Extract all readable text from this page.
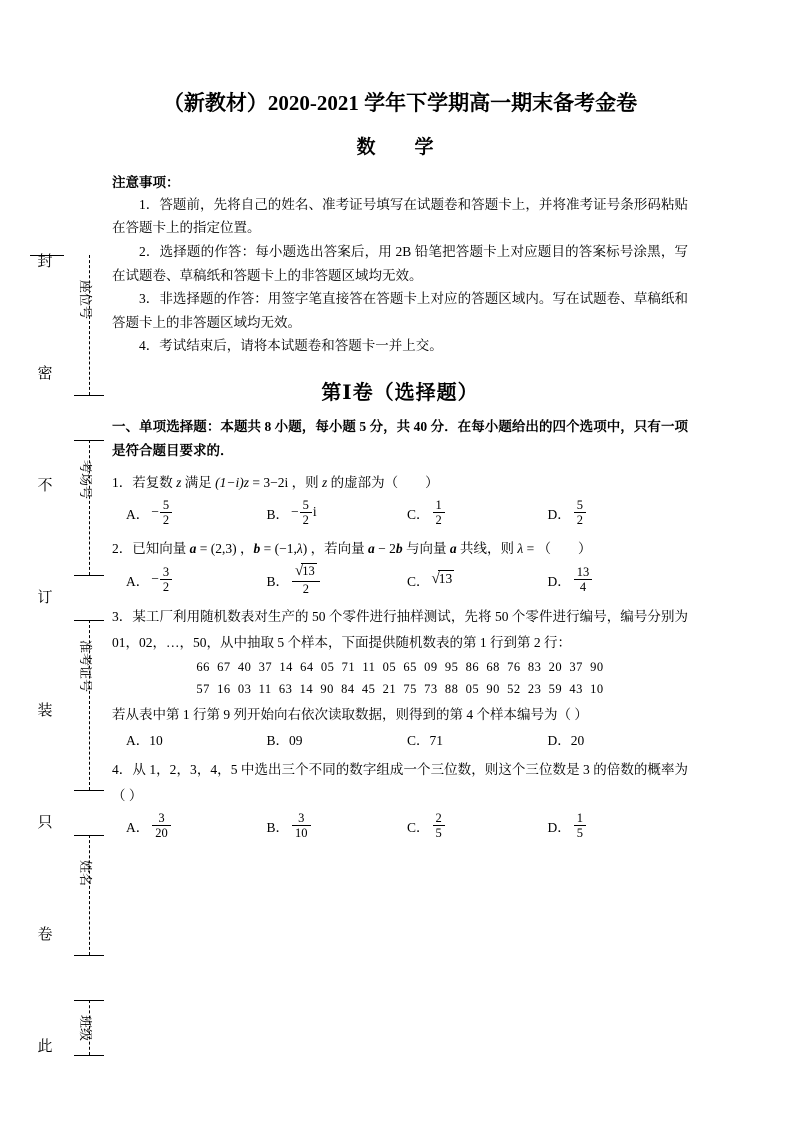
封
密
不
订
装
只
卷
此
座位号
考场号
准考证号
姓名
班级
（新教材）2020-2021 学年下学期高一期末备考金卷
数　学
注意事项：
1．答题前，先将自己的姓名、准考证号填写在试题卷和答题卡上，并将准考证号条形码粘贴在答题卡上的指定位置。
2．选择题的作答：每小题选出答案后，用 2B 铅笔把答题卡上对应题目的答案标号涂黑，写在试题卷、草稿纸和答题卡上的非答题区域均无效。
3．非选择题的作答：用签字笔直接答在答题卡上对应的答题区域内。写在试题卷、草稿纸和答题卡上的非答题区域均无效。
4．考试结束后，请将本试题卷和答题卡一并上交。
第Ⅰ卷（选择题）
一、单项选择题：本题共 8 小题，每小题 5 分，共 40 分．在每小题给出的四个选项中，只有一项是符合题目要求的．
1．若复数 z 满足 (1−i)z = 3−2i ，则 z 的虚部为（　　）
A． − $\frac{5}{2}$	B． − $\frac{5}{2}$ i	C． $\frac{1}{2}$	D． $\frac{5}{2}$
2．已知向量 a = (2,3) ，b = (−1,λ) ，若向量 a − 2b 与向量 a 共线，则 λ = （　　）
A． − $\frac{3}{2}$	B． $\frac{√13}{2}$	C． √13	D． $\frac{13}{4}$
3．某工厂利用随机数表对生产的 50 个零件进行抽样测试，先将 50 个零件进行编号，编号分别为 01，02，…，50，从中抽取 5 个样本，下面提供随机数表的第 1 行到第 2 行：
66  67  40  37  14  64  05  71  11  05  65  09  95  86  68  76  83  20  37  90
57  16  03  11  63  14  90  84  45  21  75  73  88  05  90  52  23  59  43  10
若从表中第 1 行第 9 列开始向右依次读取数据，则得到的第 4 个样本编号为（ ）
A．10	B．09	C．71	D．20
4．从 1，2，3，4，5 中选出三个不同的数字组成一个三位数，则这个三位数是 3 的倍数的概率为（ ）
A． $\frac{3}{20}$	B． $\frac{3}{10}$	C． $\frac{2}{5}$	D． $\frac{1}{5}$
